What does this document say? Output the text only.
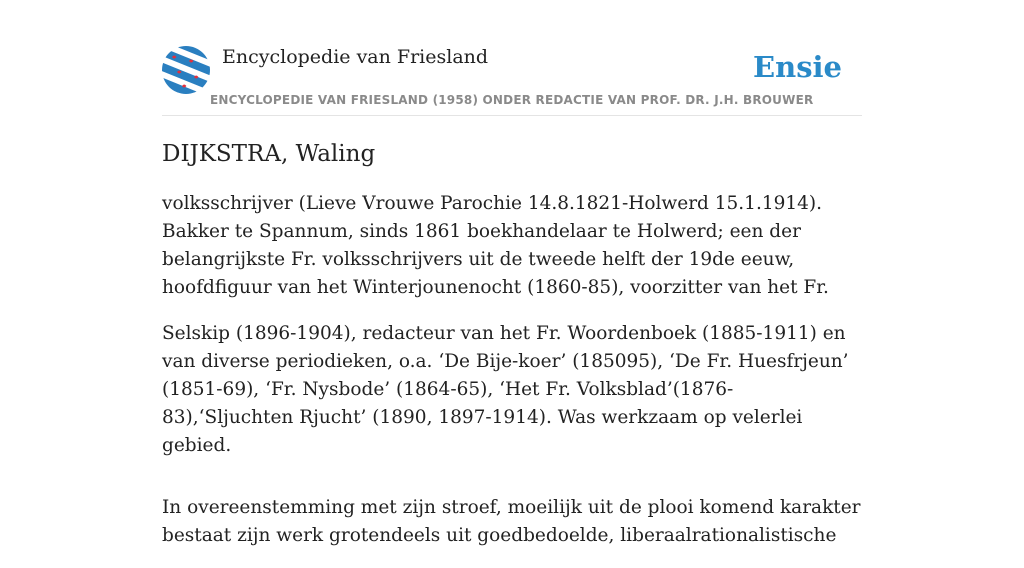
Encyclopedie van Friesland
ENCYCLOPEDIE VAN FRIESLAND (1958) ONDER REDACTIE VAN PROF. DR. J.H. BROUWER
Ensie
DIJKSTRA, Waling

volksschrijver (Lieve Vrouwe Parochie 14.8.1821-Holwerd 15.1.1914). Bakker te Spannum, sinds 1861 boekhandelaar te Holwerd; een der belangrijkste Fr. volksschrijvers uit de tweede helft der 19de eeuw, hoofdfiguur van het Winterjounenocht (1860-85), voorzitter van het Fr.

Selskip (1896-1904), redacteur van het Fr. Woordenboek (1885-1911) en van diverse periodieken, o.a. ‘De Bije-koer’ (185095), ‘De Fr. Huesfrjeun’ (1851-69), ‘Fr. Nysbode’ (1864-65), ‘Het Fr. Volksblad’(1876-83),‘Sljuchten Rjucht’ (1890, 1897-1914). Was werkzaam op velerlei gebied.

In overeenstemming met zijn stroef, moeilijk uit de plooi komend karakter bestaat zijn werk grotendeels uit goedbedoelde, liberaalrationalistische
